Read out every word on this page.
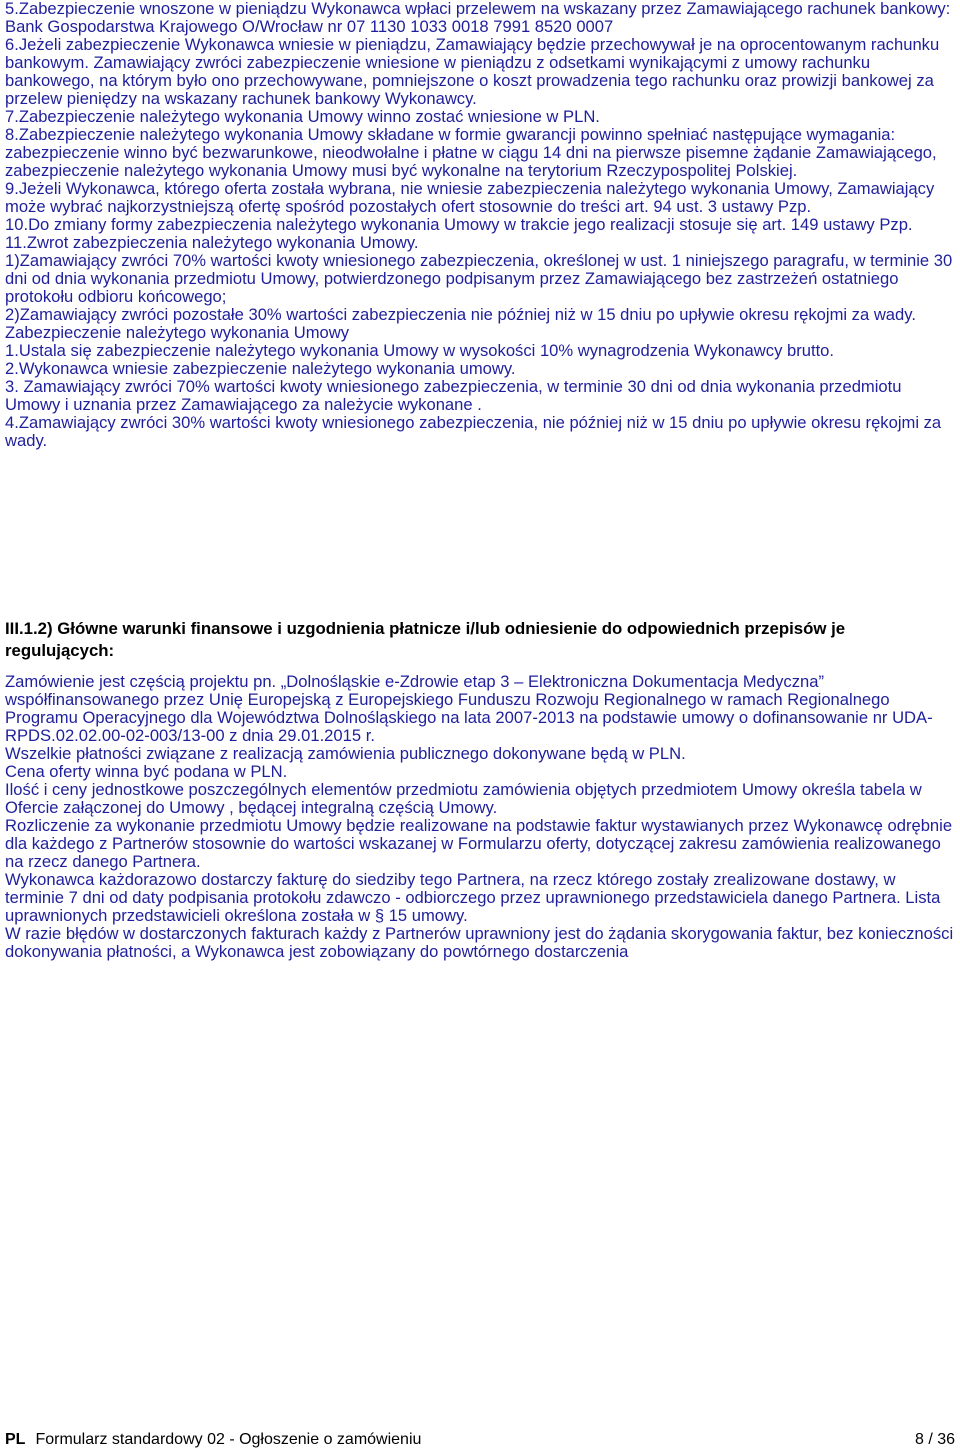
5.Zabezpieczenie wnoszone w pieniądzu Wykonawca wpłaci przelewem na wskazany przez Zamawiającego rachunek bankowy: Bank Gospodarstwa Krajowego O/Wrocław nr 07 1130 1033 0018 7991 8520 0007

6.Jeżeli zabezpieczenie Wykonawca wniesie w pieniądzu, Zamawiający będzie przechowywał je na oprocentowanym rachunku bankowym. Zamawiający zwróci zabezpieczenie wniesione w pieniądzu z odsetkami wynikającymi z umowy rachunku bankowego, na którym było ono przechowywane, pomniejszone o koszt prowadzenia tego rachunku oraz prowizji bankowej za przelew pieniędzy na wskazany rachunek bankowy Wykonawcy.

7.Zabezpieczenie należytego wykonania Umowy winno zostać wniesione w PLN.

8.Zabezpieczenie należytego wykonania Umowy składane w formie gwarancji powinno spełniać następujące wymagania: zabezpieczenie winno być bezwarunkowe, nieodwołalne i płatne w ciągu 14 dni na pierwsze pisemne żądanie Zamawiającego, zabezpieczenie należytego wykonania Umowy musi być wykonalne na terytorium Rzeczypospolitej Polskiej.

9.Jeżeli Wykonawca, którego oferta została wybrana, nie wniesie zabezpieczenia należytego wykonania Umowy, Zamawiający może wybrać najkorzystniejszą ofertę spośród pozostałych ofert stosownie do treści art. 94 ust. 3 ustawy Pzp.

10.Do zmiany formy zabezpieczenia należytego wykonania Umowy w trakcie jego realizacji stosuje się art. 149 ustawy Pzp.

11.Zwrot zabezpieczenia należytego wykonania Umowy.

1)Zamawiający zwróci 70% wartości kwoty wniesionego zabezpieczenia, określonej w ust. 1 niniejszego paragrafu, w terminie 30 dni od dnia wykonania przedmiotu Umowy, potwierdzonego podpisanym przez Zamawiającego bez zastrzeżeń ostatniego protokołu odbioru końcowego;

2)Zamawiający zwróci pozostałe 30% wartości zabezpieczenia nie później niż w 15 dniu po upływie okresu rękojmi za wady.

Zabezpieczenie należytego wykonania Umowy

1.Ustala się zabezpieczenie należytego wykonania Umowy w wysokości 10% wynagrodzenia Wykonawcy brutto.

2.Wykonawca wniesie zabezpieczenie należytego wykonania umowy.

3. Zamawiający zwróci 70% wartości kwoty wniesionego zabezpieczenia, w terminie 30 dni od dnia wykonania przedmiotu Umowy i uznania przez Zamawiającego za należycie wykonane .

4.Zamawiający zwróci 30% wartości kwoty wniesionego zabezpieczenia, nie później niż w 15 dniu po upływie okresu rękojmi za wady.

III.1.2) Główne warunki finansowe i uzgodnienia płatnicze i/lub odniesienie do odpowiednich przepisów je regulujących:

Zamówienie jest częścią projektu pn. „Dolnośląskie e-Zdrowie etap 3 – Elektroniczna Dokumentacja Medyczna” współfinansowanego przez Unię Europejską z Europejskiego Funduszu Rozwoju Regionalnego w ramach Regionalnego Programu Operacyjnego dla Województwa Dolnośląskiego na lata 2007-2013 na podstawie umowy o dofinansowanie nr UDA-RPDS.02.02.00-02-003/13-00 z dnia 29.01.2015 r.

Wszelkie płatności związane z realizacją zamówienia publicznego dokonywane będą w PLN.

Cena oferty winna być podana w PLN.

Ilość i ceny jednostkowe poszczególnych elementów przedmiotu zamówienia objętych przedmiotem Umowy określa tabela w Ofercie załączonej do Umowy , będącej integralną częścią Umowy.

Rozliczenie za wykonanie przedmiotu Umowy będzie realizowane na podstawie faktur wystawianych przez Wykonawcę odrębnie dla każdego z Partnerów stosownie do wartości wskazanej w Formularzu oferty, dotyczącej zakresu zamówienia realizowanego na rzecz danego Partnera.

Wykonawca każdorazowo dostarczy fakturę do siedziby tego Partnera, na rzecz którego zostały zrealizowane dostawy, w terminie 7 dni od daty podpisania protokołu zdawczo - odbiorczego przez uprawnionego przedstawiciela danego Partnera. Lista uprawnionych przedstawicieli określona została w § 15 umowy.

W razie błędów w dostarczonych fakturach każdy z Partnerów uprawniony jest do żądania skorygowania faktur, bez konieczności dokonywania płatności, a Wykonawca jest zobowiązany do powtórnego dostarczenia

PL Formularz standardowy 02 - Ogłoszenie o zamówieniu	8 / 36
